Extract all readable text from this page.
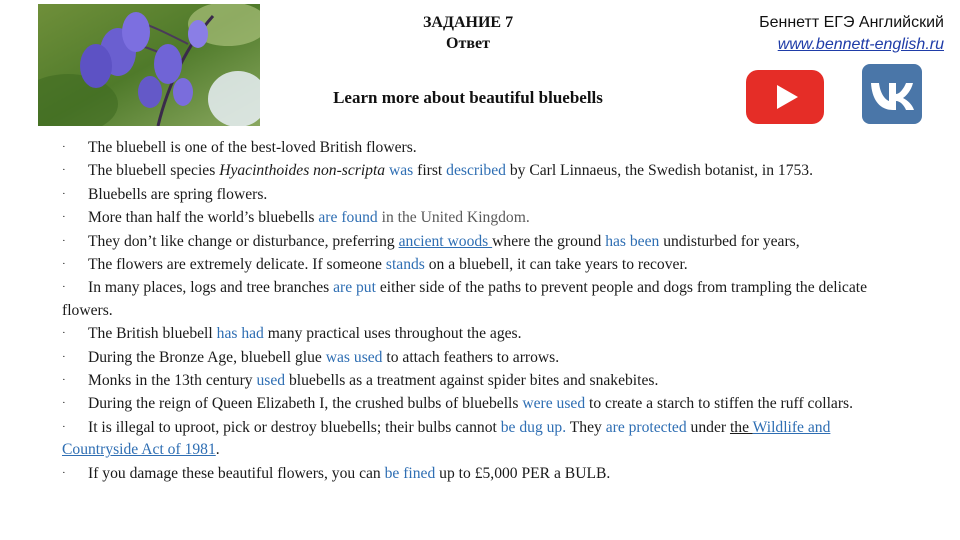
ЗАДАНИЕ 7
Ответ
Learn more about beautiful bluebells
Беннетт ЕГЭ Английский
www.bennett-english.ru

· The bluebell is one of the best-loved British flowers.

· The bluebell species Hyacinthoides non-scripta was first described by Carl Linnaeus, the Swedish botanist, in 1753.

· Bluebells are spring flowers.

· More than half the world’s bluebells are found in the United Kingdom.

· They don’t like change or disturbance, preferring ancient woods where the ground has been undisturbed for years,

· The flowers are extremely delicate. If someone stands on a bluebell, it can take years to recover.

· In many places, logs and tree branches are put either side of the paths to prevent people and dogs from trampling the delicate flowers.

· The British bluebell has had many practical uses throughout the ages.

· During the Bronze Age, bluebell glue was used to attach feathers to arrows.

· Monks in the 13th century used bluebells as a treatment against spider bites and snakebites.

· During the reign of Queen Elizabeth I, the crushed bulbs of bluebells were used to create a starch to stiffen the ruff collars.

· It is illegal to uproot, pick or destroy bluebells; their bulbs cannot be dug up. They are protected under the Wildlife and Countryside Act of 1981.

· If you damage these beautiful flowers, you can be fined up to £5,000 PER a BULB.
